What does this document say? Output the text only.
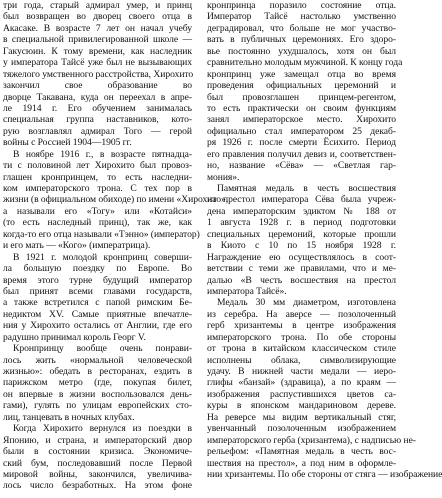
три года, старый адмирал умер, и принц
был возвращен во дворец своего отца в
Акасаке. В возрасте 7 лет он начал учебу
в специальной привилегированной школе —
Гакусюин. К тому времени, как наследник
у императора Тайсё уже был не вызывающих
тяжелого умственного расстройства, Хирохито
закончил свое образование во
дворце Такаванa, куда он переехал в апре-
ле 1914 г. Его обучением занималась
специальная группа наставников, кото-
рую возглавлял адмирал Того — герой
войны с Россией 1904—1905 гг.
В ноябре 1916 г., в возрасте пятнадца-
ти с половиной лет Хирохито был провоз-
глашен кронпринцем, то есть наследни-
ком императорского трона. С тех пор в
жизни (в официальном обиходе) по имени «Хирохито»,
а называли его «Тогу» или «Котайси»
(то есть наследный принц), так же, как
когда-то его отца называли «Тэнно» (император)
и его мать — «Когo» (императрица).
В 1921 г. молодой кронпринц соверши-
ла большую поездку по Европе. Во
время этого турне будущий император
был принят всеми главами государств,
а также встретился с папой римским Бе-
недиктом XV. Самые приятные впечатле-
ния у Хирохито остались от Англии, где его
радушно принимал король Георг V.
Кронпринцу вообще очень понрави-
лось жить «нормальной человеческой
жизнью»: обедать в ресторанах, ездить в
парижском метро (где, покупая билет,
он впервые в жизни воспользовался день-
гами), гулять по улицам европейских сто-
лиц, танцевать в ночных клубах.
Когда Хирохито вернулся из поездки в
Японию, и страна, и императорский двор
были в состоянии кризиса. Экономиче-
ский бум, последовавший после Первой
мировой войны, закончился, увеличива-
лось число безработных. На этом фоне
кронпринца поразило состояние отца.
Император Тайсё настолько умственно
деградировал, что больше не мог участво-
вать в публичных церемониях. Его здоро-
вье постоянно ухудшалось, хотя он был
сравнительно молодым мужчиной. К концу года
кронпринц уже замещал отца во время
проведения официальных церемоний и
был провозглашен принцем-регентом,
то есть практически он своим функциям
занял императорское место. Хирохито
официально стал императором 25 декаб-
ря 1926 г. после смерти Ёсихито. Период
его правления получил девиз и, соответствен-
но, название «Сёва» — «Светлая гар-
мония».
Памятная медаль в честь восшествия
на престол императора Сёва была учреж-
дена императорским эдиктом № 188 от
1 августа 1928 г. в период подготовки
специальных церемоний, которые прошли
в Киото с 10 по 15 ноября 1928 г.
Награждение ею осуществлялось в соот-
ветствии с теми же правилами, что и ме-
далью «В честь восшествия на престол
императора Тайсё».
Медаль 30 мм диаметром, изготовлена
из серебра. На аверсе — позолоченный
герб хризантемы в центре изображения
императорского трона. По обе стороны
от трона в китайском классическом стиле
исполнены облака, символизирующие
удачу. В нижней части медали — иеро-
глифы «банзай» (здравица), а по краям —
изображения распустившихся цветов са-
куры в японском мандариновом дереве.
На реверсе мы видим вертикальный стяг,
увенчанный позолоченным изображением
императорского герба (хризантема), с надписью не-
рельефом: «Памятная медаль в честь вос-
шествия на престол», а под ним в оформле-
нии хризантемы. По обе стороны от стяга — изображение
